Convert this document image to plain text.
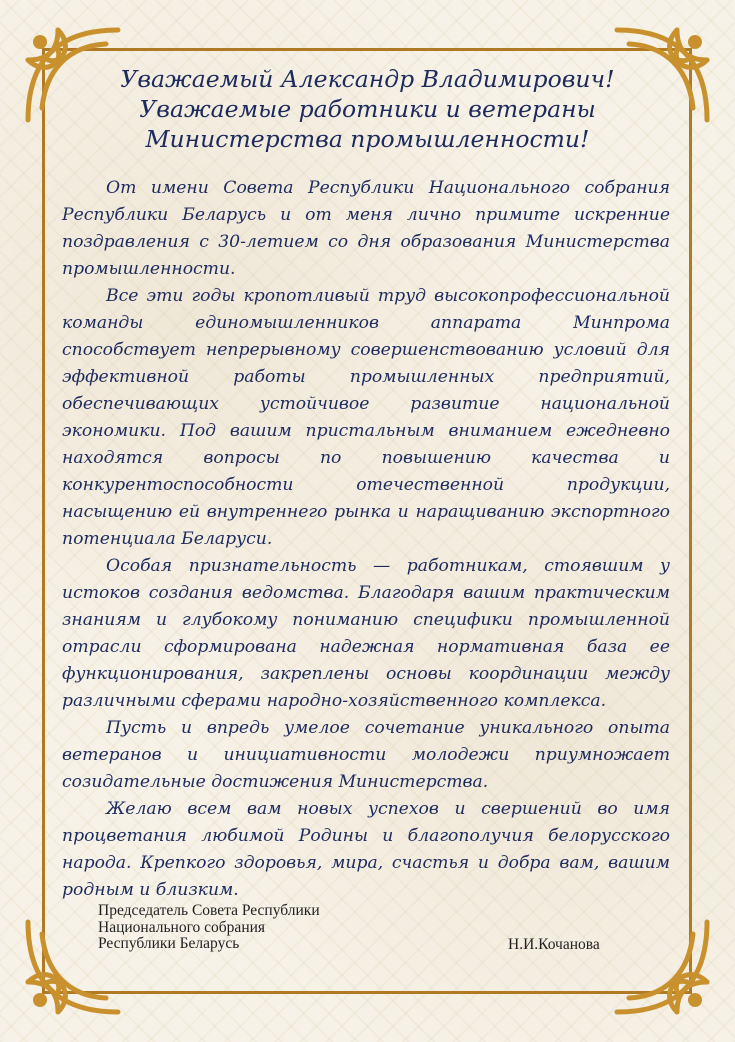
Уважаемый Александр Владимирович!
Уважаемые работники и ветераны
Министерства промышленности!

От имени Совета Республики Национального собрания Республики Беларусь и от меня лично примите искренние поздравления с 30-летием со дня образования Министерства промышленности.

Все эти годы кропотливый труд высокопрофессиональной команды единомышленников аппарата Минпрома способствует непрерывному совершенствованию условий для эффективной работы промышленных предприятий, обеспечивающих устойчивое развитие национальной экономики. Под вашим пристальным вниманием ежедневно находятся вопросы по повышению качества и конкурентоспособности отечественной продукции, насыщению ей внутреннего рынка и наращиванию экспортного потенциала Беларуси.

Особая признательность — работникам, стоявшим у истоков создания ведомства. Благодаря вашим практическим знаниям и глубокому пониманию специфики промышленной отрасли сформирована надежная нормативная база ее функционирования, закреплены основы координации между различными сферами народно-хозяйственного комплекса.

Пусть и впредь умелое сочетание уникального опыта ветеранов и инициативности молодежи приумножает созидательные достижения Министерства.

Желаю всем вам новых успехов и свершений во имя процветания любимой Родины и благополучия белорусского народа. Крепкого здоровья, мира, счастья и добра вам, вашим родным и близким.

Председатель Совета Республики
Национального собрания
Республики Беларусь	Н.И.Кочанова
